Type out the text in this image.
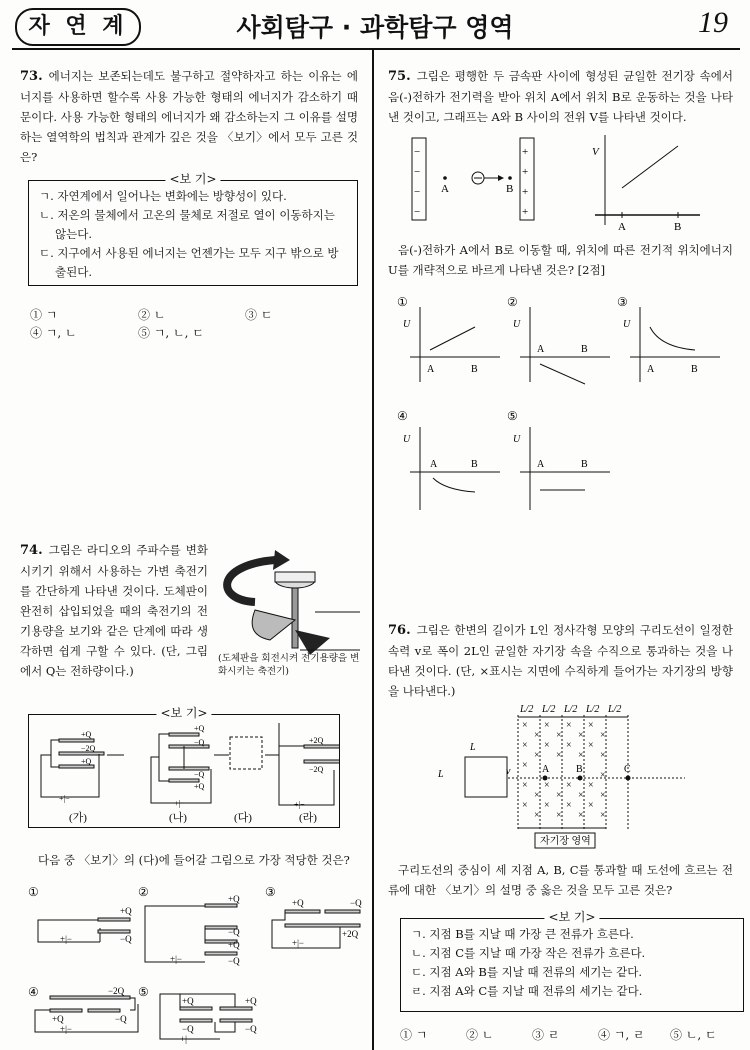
자 연 계	사회탐구 · 과학탐구 영역	19
73. 에너지는 보존되는데도 불구하고 절약하자고 하는 이유는 에너지를 사용하면 할수록 사용 가능한 형태의 에너지가 감소하기 때문이다. 사용 가능한 형태의 에너지가 왜 감소하는지 그 이유를 설명하는 열역학의 법칙과 관계가 깊은 것을 〈보기〉에서 모두 고른 것은?
<보 기>
ㄱ. 자연계에서 일어나는 변화에는 방향성이 있다.
ㄴ. 저온의 물체에서 고온의 물체로 저절로 열이 이동하지는 않는다.
ㄷ. 지구에서 사용된 에너지는 언젠가는 모두 지구 밖으로 방출된다.
① ㄱ	② ㄴ	③ ㄷ
④ ㄱ, ㄴ	⑤ ㄱ, ㄴ, ㄷ
74. 그림은 라디오의 주파수를 변화시키기 위해서 사용하는 가변 축전기를 간단하게 나타낸 것이다. 도체판이 완전히 삽입되었을 때의 축전기의 전기용량을 보기와 같은 단계에 따라 생각하면 쉽게 구할 수 있다. (단, 그림에서 Q는 전하량이다.)
(도체판을 회전시켜 전기용량을 변화시키는 축전기)
<보 기>
+Q
−2Q
+Q
+|−
+Q
−Q
−Q
+Q
+|−
+2Q
−2Q
+|−
(가)	(나)	(다)	(라)
다음 중 〈보기〉의 (다)에 들어갈 그림으로 가장 적당한 것은?
①
+Q
−Q
+|−
②	+Q
−Q
+Q
−Q
+|−
③
+Q	−Q
+2Q
+|−
④	−2Q
+Q	−Q
+|−
⑤
+Q	+Q
−Q	−Q
+|−
75. 그림은 평행한 두 금속판 사이에 형성된 균일한 전기장 속에서 음(-)전하가 전기력을 받아 위치 A에서 위치 B로 운동하는 것을 나타낸 것이고, 그래프는 A와 B 사이의 전위 V를 나타낸 것이다.
−
−
−
−
A	B
+
+
+
+
V
A	B
음(-)전하가 A에서 B로 이동할 때, 위치에 따른 전기적 위치에너지 U를 개략적으로 바르게 나타낸 것은? [2점]
①
U
A	B
②
U
A	B
③
U
A	B
④
U
A	B
⑤
U
A	B
76. 그림은 한변의 길이가 L인 정사각형 모양의 구리도선이 일정한 속력 v로 폭이 2L인 균일한 자기장 속을 수직으로 통과하는 것을 나타낸 것이다. (단, ×표시는 지면에 수직하게 들어가는 자기장의 방향을 나타낸다.)
L/2 L/2 L/2 L/2 L/2
L
L	v
×
×
×
×
×
×
×
×
×
×
×
×
×
×
×
×
×
×
×
×
×
×
×
×
×
×
×
×
×
×
×
×
×
×
A	B	C
자기장 영역
구리도선의 중심이 세 지점 A, B, C를 통과할 때 도선에 흐르는 전류에 대한 〈보기〉의 설명 중 옳은 것을 모두 고른 것은?
<보 기>
ㄱ. 지점 B를 지날 때 가장 큰 전류가 흐른다.
ㄴ. 지점 C를 지날 때 가장 작은 전류가 흐른다.
ㄷ. 지점 A와 B를 지날 때 전류의 세기는 같다.
ㄹ. 지점 A와 C를 지날 때 전류의 세기는 같다.
① ㄱ	② ㄴ	③ ㄹ	④ ㄱ, ㄹ ⑤ ㄴ, ㄷ
